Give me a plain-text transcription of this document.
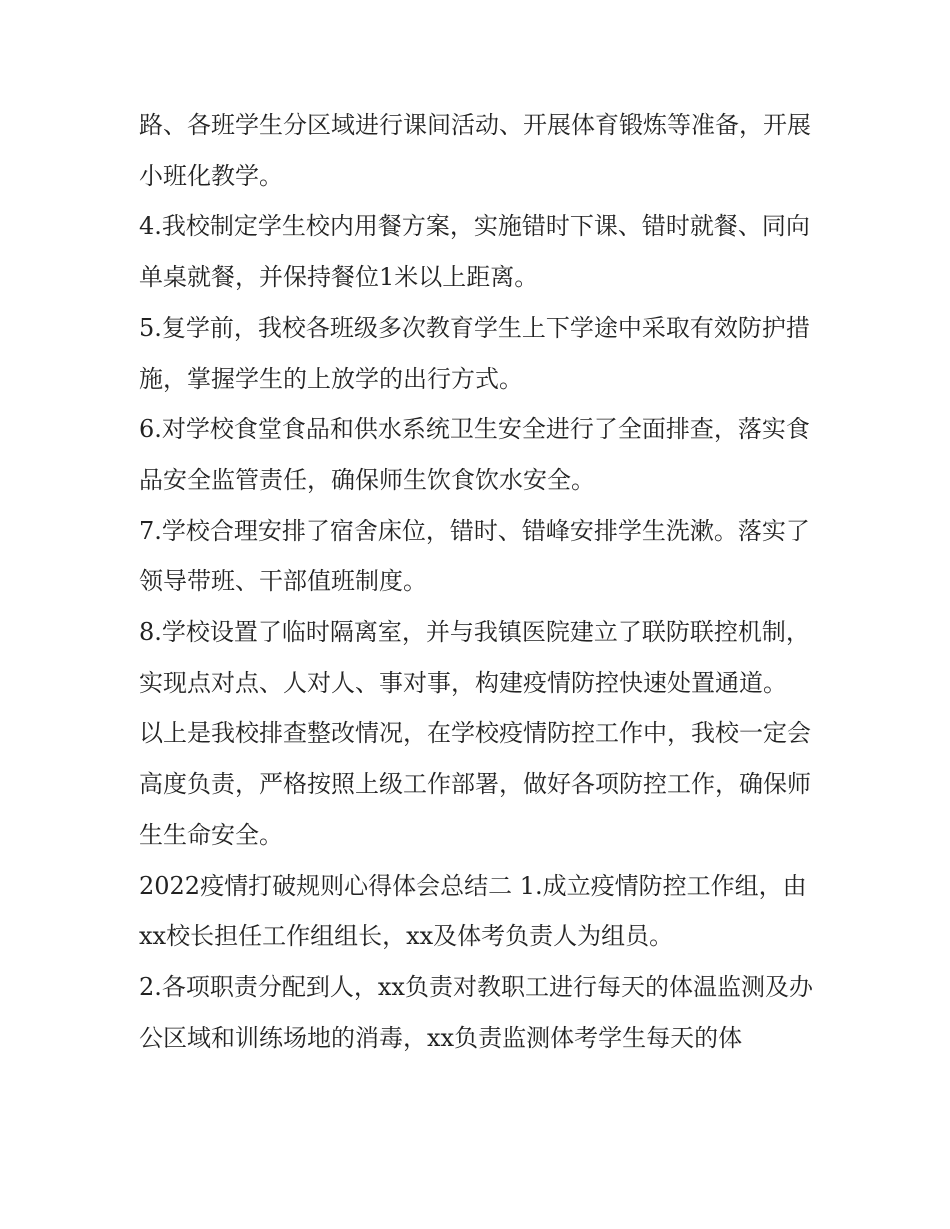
路、各班学生分区域进行课间活动、开展体育锻炼等准备，开展小班化教学。

4.我校制定学生校内用餐方案，实施错时下课、错时就餐、同向单桌就餐，并保持餐位1米以上距离。

5.复学前，我校各班级多次教育学生上下学途中采取有效防护措施，掌握学生的上放学的出行方式。

6.对学校食堂食品和供水系统卫生安全进行了全面排查，落实食品安全监管责任，确保师生饮食饮水安全。

7.学校合理安排了宿舍床位，错时、错峰安排学生洗漱。落实了领导带班、干部值班制度。

8.学校设置了临时隔离室，并与我镇医院建立了联防联控机制，实现点对点、人对人、事对事，构建疫情防控快速处置通道。

以上是我校排查整改情况，在学校疫情防控工作中，我校一定会高度负责，严格按照上级工作部署，做好各项防控工作，确保师生生命安全。

2022疫情打破规则心得体会总结二 1.成立疫情防控工作组，由xx校长担任工作组组长，xx及体考负责人为组员。

2.各项职责分配到人，xx负责对教职工进行每天的体温监测及办公区域和训练场地的消毒，xx负责监测体考学生每天的体
